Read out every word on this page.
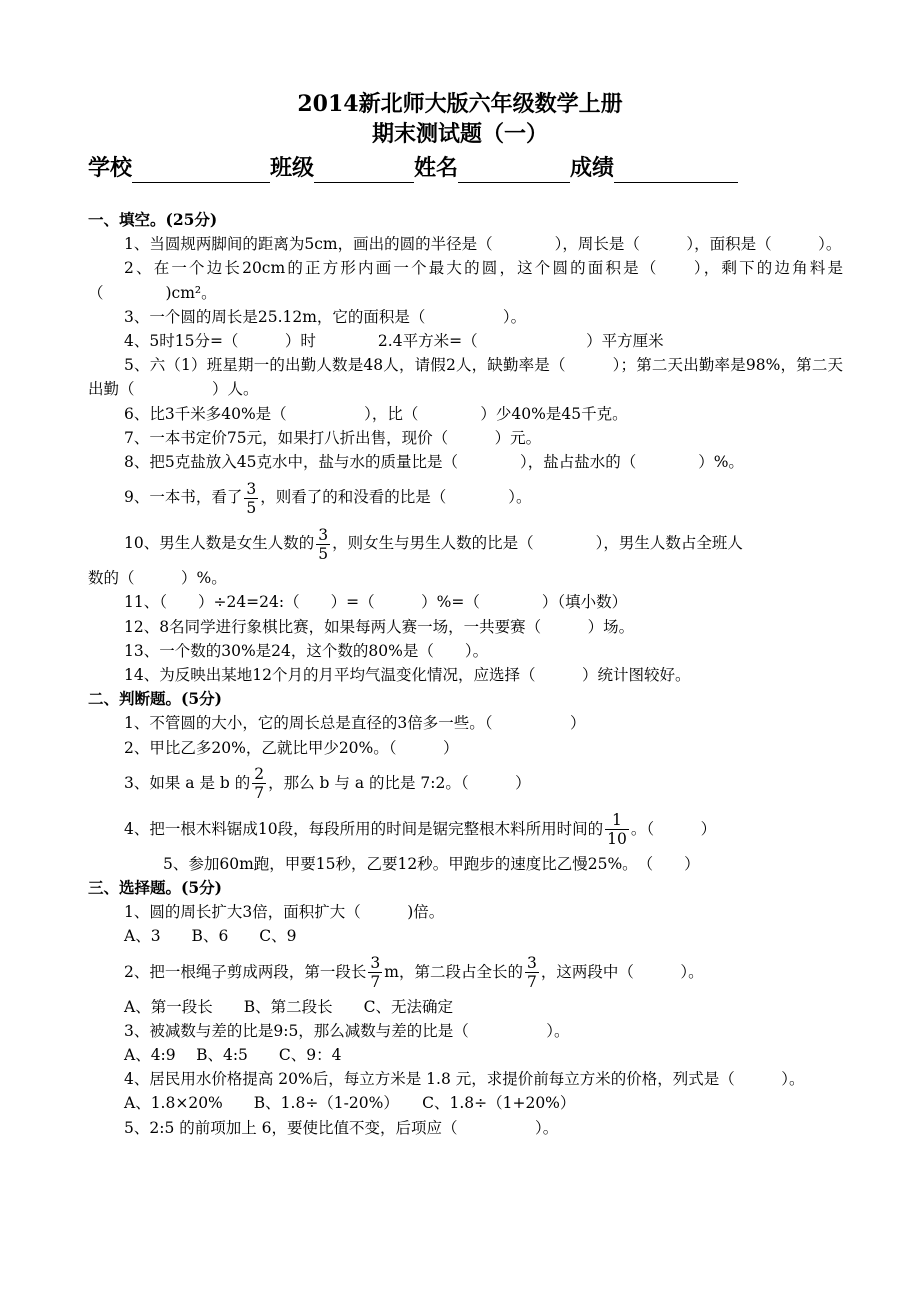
2014新北师大版六年级数学上册
期末测试题（一）
学校	班级	姓名	成绩
一、填空。(25分)
1、当圆规两脚间的距离为5cm，画出的圆的半径是（　　　　），周长是（　　　），面积是（　　　）。
2、在一个边长20cm的正方形内画一个最大的圆，这个圆的面积是（　　），剩下的边角料是（　　　　)cm²。
3、一个圆的周长是25.12m，它的面积是（　　　　　）。
4、5时15分=（　　　）时　　　　2.4平方米=（　　　　　　　）平方厘米
5、六（1）班星期一的出勤人数是48人，请假2人，缺勤率是（　　　）；第二天出勤率是98%，第二天出勤（　　　　　）人。
6、比3千米多40%是（　　　　　），比（　　　　）少40%是45千克。
7、一本书定价75元，如果打八折出售，现价（　　　）元。
8、把5克盐放入45克水中，盐与水的质量比是（　　　　），盐占盐水的（　　　　）%。
9、一本书，看了 $\frac{3}{5}$ ，则看了的和没看的比是（　　　　）。
10、男生人数是女生人数的 $\frac{3}{5}$ ，则女生与男生人数的比是（　　　　），男生人数占全班人
数的（　　　）%。
11、（　　）÷24=24:（　　）=（　　　）%=（　　　　）（填小数）
12、8名同学进行象棋比赛，如果每两人赛一场，一共要赛（　　　）场。
13、一个数的30%是24，这个数的80%是（　　）。
14、为反映出某地12个月的月平均气温变化情况，应选择（　　　）统计图较好。
二、判断题。(5分)
1、不管圆的大小，它的周长总是直径的3倍多一些。（　　　　　）
2、甲比乙多20%，乙就比甲少20%。（　　　）
3、如果 a 是 b 的 $\frac{2}{7}$ ，那么 b 与 a 的比是 7:2。（　　　）
4、把一根木料锯成10段，每段所用的时间是锯完整根木料所用时间的 $\frac{1}{10}$ 。（　　　）
5、参加60m跑，甲要15秒，乙要12秒。甲跑步的速度比乙慢25%。　（　　）
三、选择题。(5分)
1、圆的周长扩大3倍，面积扩大（　　　)倍。
A、3　　B、6　　C、9
2、把一根绳子剪成两段，第一段长 $\frac{3}{7}$ m，第二段占全长的 $\frac{3}{7}$ ，这两段中（　　　）。
A、第一段长　　B、第二段长　　C、无法确定
3、被减数与差的比是9:5，那么减数与差的比是（　　　　　）。
A、4:9　 B、4:5　　C、9：4
4、居民用水价格提高 20%后，每立方米是 1.8 元，求提价前每立方米的价格，列式是（　　　）。
A、1.8×20%　　B、1.8÷（1-20%）　　C、1.8÷（1+20%）
5、2:5 的前项加上 6，要使比值不变，后项应（　　　　　）。
